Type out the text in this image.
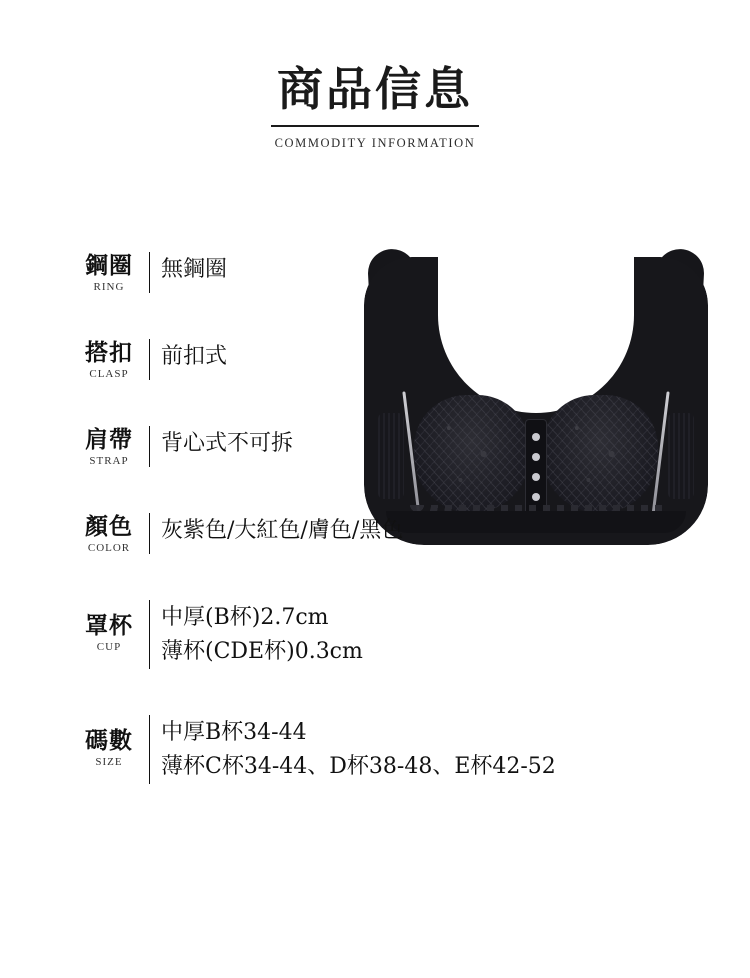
商品信息
COMMODITY INFORMATION
鋼圈
RING
無鋼圈
搭扣
CLASP
前扣式
肩帶
STRAP
背心式不可拆
顏色
COLOR
灰紫色/大紅色/膚色/黑色
罩杯
CUP
中厚(B杯)2.7cm
薄杯(CDE杯)0.3cm
碼數
SIZE
中厚B杯34-44
薄杯C杯34-44、D杯38-48、E杯42-52
